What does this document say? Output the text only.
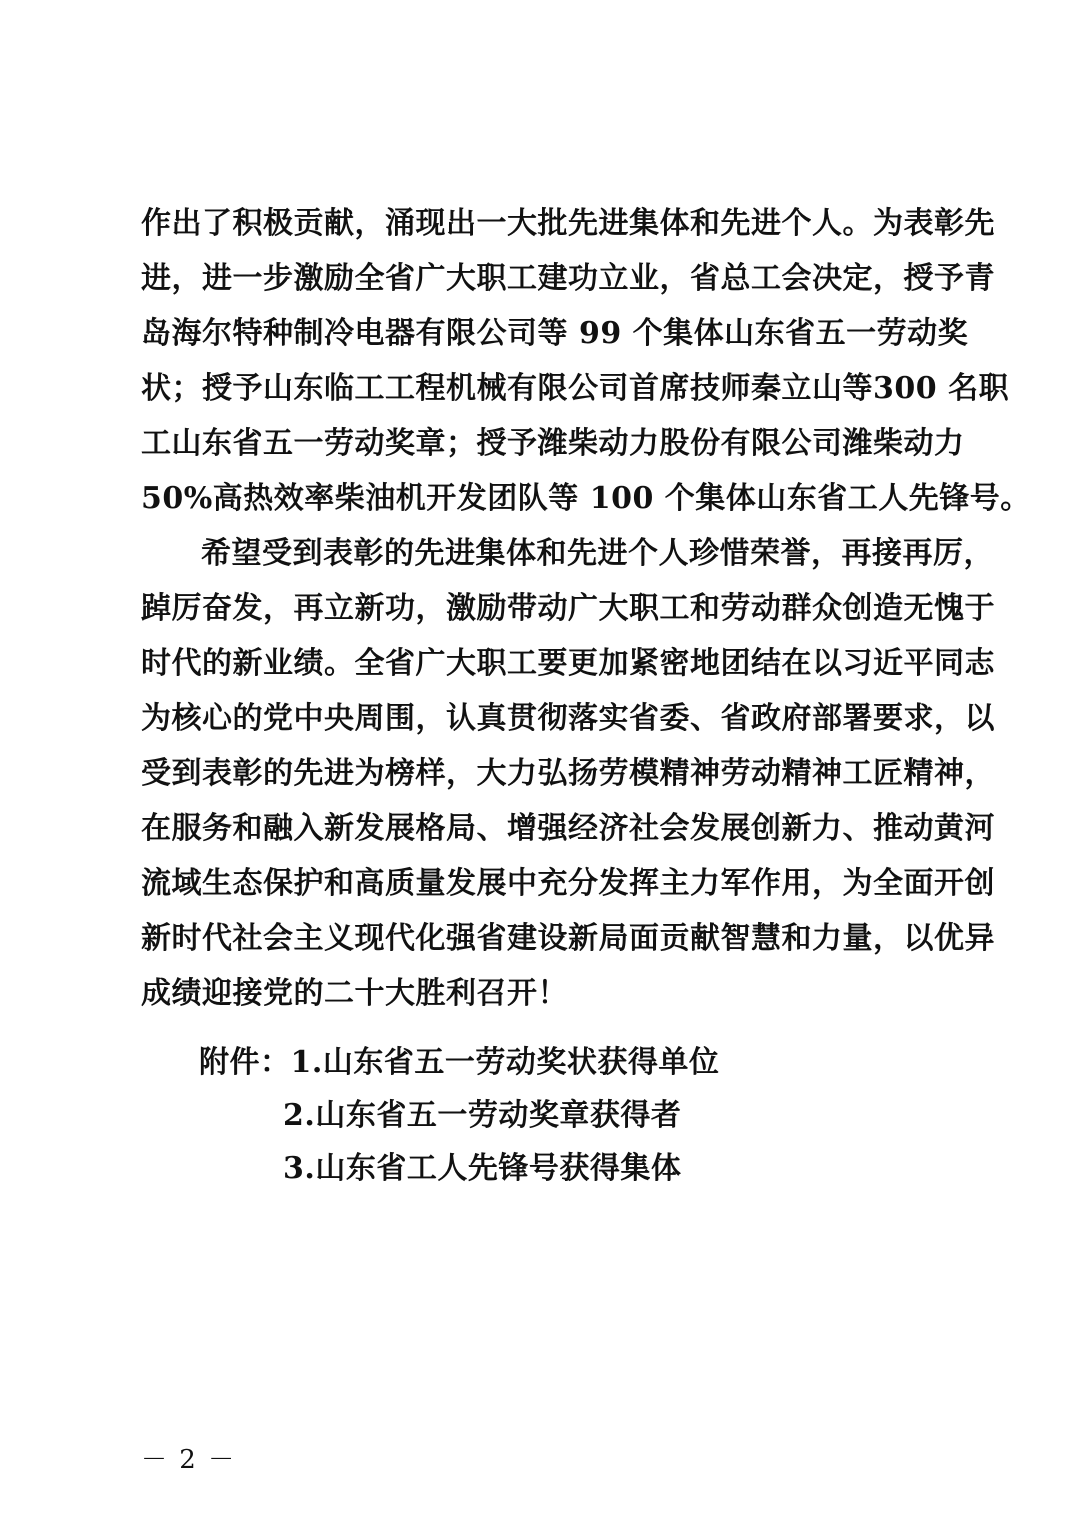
作出了积极贡献，涌现出一大批先进集体和先进个人。为表彰先
进，进一步激励全省广大职工建功立业，省总工会决定，授予青
岛海尔特种制冷电器有限公司等 99 个集体山东省五一劳动奖
状；授予山东临工工程机械有限公司首席技师秦立山等300 名职
工山东省五一劳动奖章；授予潍柴动力股份有限公司潍柴动力
50%高热效率柴油机开发团队等 100 个集体山东省工人先锋号。
希望受到表彰的先进集体和先进个人珍惜荣誉，再接再厉，
踔厉奋发，再立新功，激励带动广大职工和劳动群众创造无愧于
时代的新业绩。全省广大职工要更加紧密地团结在以习近平同志
为核心的党中央周围，认真贯彻落实省委、省政府部署要求，以
受到表彰的先进为榜样，大力弘扬劳模精神劳动精神工匠精神，
在服务和融入新发展格局、增强经济社会发展创新力、推动黄河
流域生态保护和高质量发展中充分发挥主力军作用，为全面开创
新时代社会主义现代化强省建设新局面贡献智慧和力量，以优异
成绩迎接党的二十大胜利召开！
附件：1.山东省五一劳动奖状获得单位
2.山东省五一劳动奖章获得者
3.山东省工人先锋号获得集体
－ 2 －
